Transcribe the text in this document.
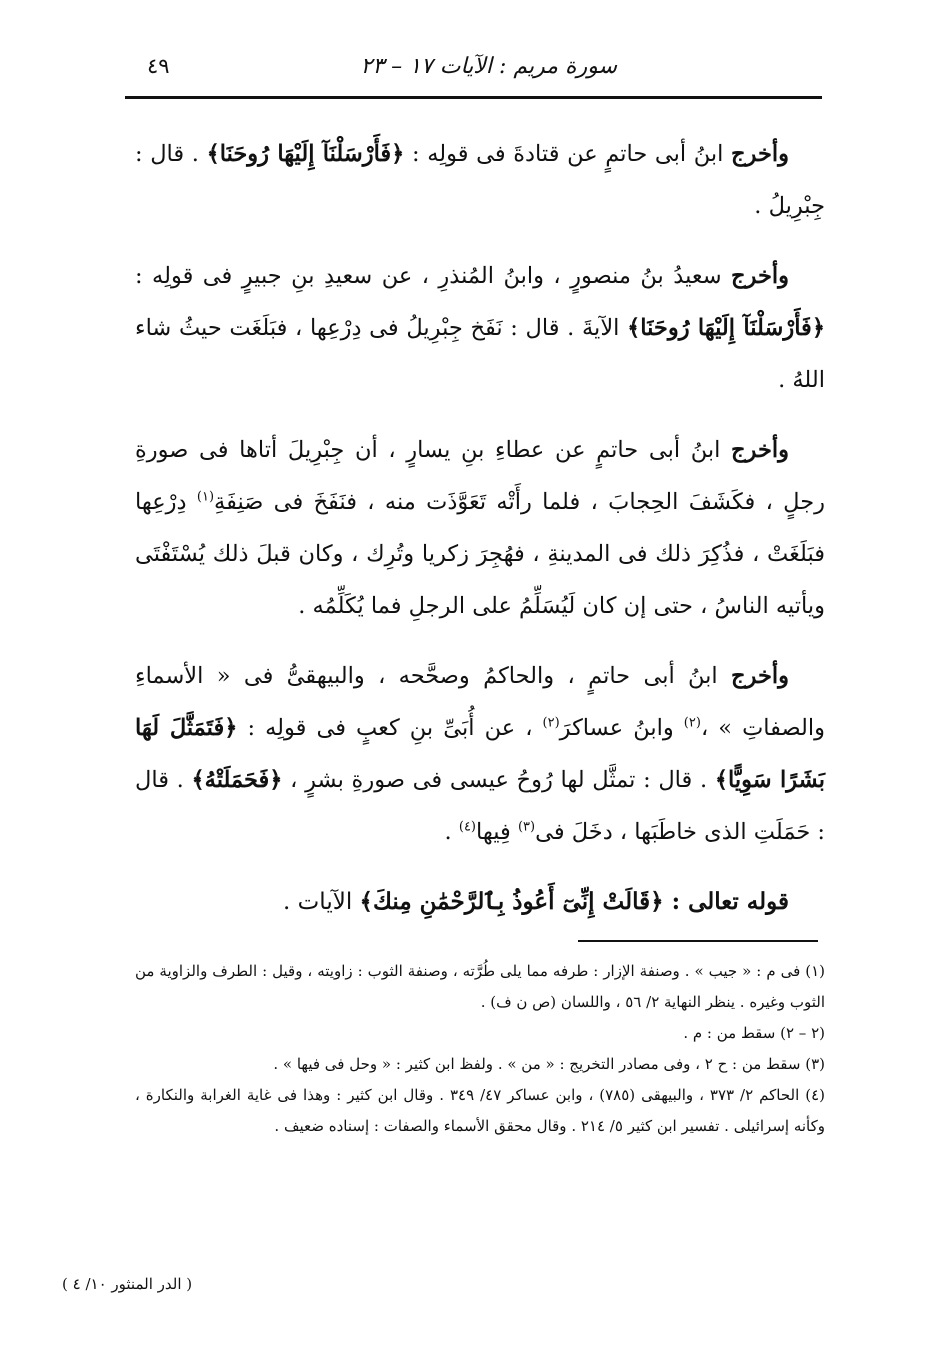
سورة مريم : الآيات ١٧ – ٢٣
٤٩

وأخرج ابنُ أبى حاتمٍ عن قتادةَ فى قولِه : ﴿فَأَرْسَلْنَآ إِلَيْهَا رُوحَنَا﴾ . قال : جِبْرِيلُ .

وأخرج سعيدُ بنُ منصورٍ ، وابنُ المُنذرِ ، عن سعيدِ بنِ جبيرٍ فى قولِه : ﴿فَأَرْسَلْنَآ إِلَيْهَا رُوحَنَا﴾ الآيةَ . قال : نَفَخ جِبْرِيلُ فى دِرْعِها ، فبَلَغَت حيثُ شاء اللهُ .

وأخرج ابنُ أبى حاتمٍ عن عطاءِ بنِ يسارٍ ، أن جِبْرِيلَ أتاها فى صورةِ رجلٍ ، فكَشَفَ الحِجابَ ، فلما رأَتْه تَعَوَّذَت منه ، فنَفَخَ فى صَنِفَةِ$^{(١)}$ دِرْعِها فبَلَغَتْ ، فذُكِرَ ذلك فى المدينةِ ، فهُجِرَ زكريا وتُرِك ، وكان قبلَ ذلك يُسْتَفْتَى ويأتيه الناسُ ، حتى إن كان لَيُسَلِّمُ على الرجلِ فما يُكَلِّمُه .

وأخرج ابنُ أبى حاتمٍ ، والحاكمُ وصحَّحه ، والبيهقىُّ فى « الأسماءِ والصفاتِ » ،$^{(٢)}$ وابنُ عساكرَ$^{(٢)}$ ، عن أُبَىِّ بنِ كعبٍ فى قولِه : ﴿فَتَمَثَّلَ لَهَا بَشَرًا سَوِيًّا﴾ . قال : تمثَّل لها رُوحُ عيسى فى صورةِ بشرٍ ، ﴿فَحَمَلَتْهُ﴾ . قال : حَمَلَتِ الذى خاطَبَها ، دخَلَ فى$^{(٣)}$ فِيها$^{(٤)}$ .

قوله تعالى : ﴿قَالَتْ إِنِّىٓ أَعُوذُ بِٱلرَّحْمَٰنِ مِنكَ﴾ الآيات .

(١) فى م : « جيب » . وصنفة الإزار : طرفه مما يلى طُرَّته ، وصنفة الثوب : زاويته ، وقيل : الطرف والزاوية من الثوب وغيره . ينظر النهاية ٢/ ٥٦ ، واللسان (ص ن ف) .

(٢ – ٢) سقط من : م .

(٣) سقط من : ح ٢ ، وفى مصادر التخريج : « من » . ولفظ ابن كثير : « وحل فى فيها » .

(٤) الحاكم ٢/ ٣٧٣ ، والبيهقى (٧٨٥) ، وابن عساكر ٤٧/ ٣٤٩ . وقال ابن كثير : وهذا فى غاية الغرابة والنكارة ، وكأنه إسرائيلى . تفسير ابن كثير ٥/ ٢١٤ . وقال محقق الأسماء والصفات : إسناده ضعيف .

( الدر المنثور ١٠/ ٤ )
